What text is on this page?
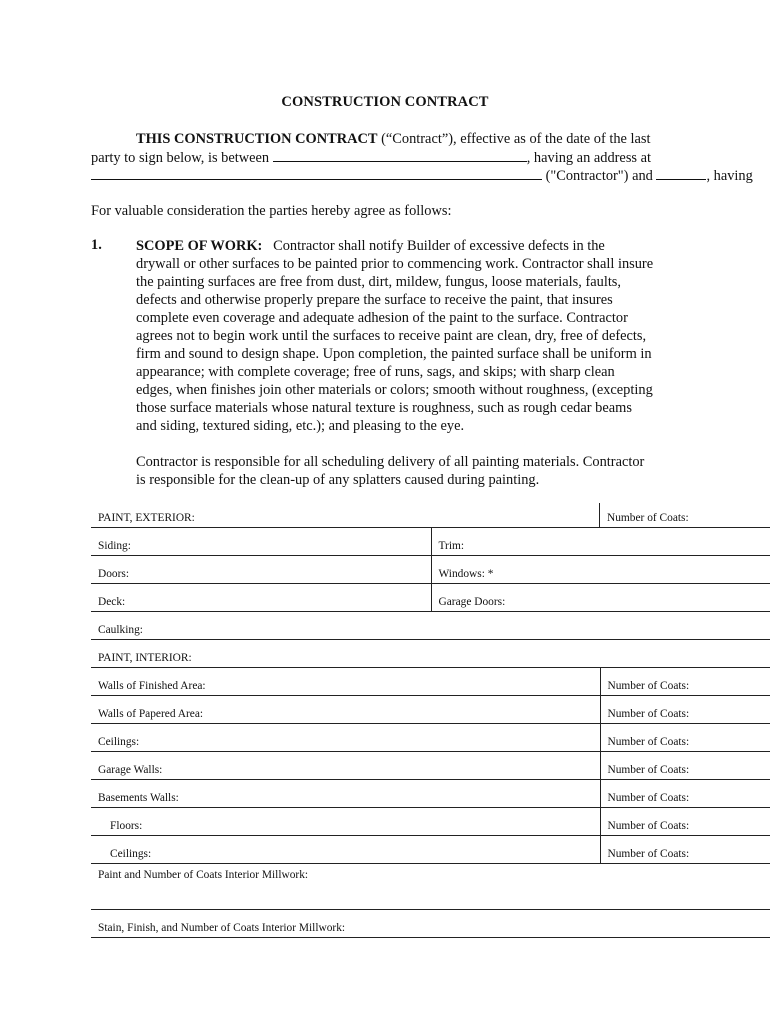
CONSTRUCTION CONTRACT
THIS CONSTRUCTION CONTRACT (“Contract”), effective as of the date of the last
party to sign below, is between	, having an address at
("Contractor") and	, having
For valuable consideration the parties hereby agree as follows:
1. SCOPE OF WORK: Contractor shall notify Builder of excessive defects in the
drywall or other surfaces to be painted prior to commencing work. Contractor shall insure
the painting surfaces are free from dust, dirt, mildew, fungus, loose materials, faults,
defects and otherwise properly prepare the surface to receive the paint, that insures
complete even coverage and adequate adhesion of the paint to the surface. Contractor
agrees not to begin work until the surfaces to receive paint are clean, dry, free of defects,
firm and sound to design shape. Upon completion, the painted surface shall be uniform in
appearance; with complete coverage; free of runs, sags, and skips; with sharp clean
edges, when finishes join other materials or colors; smooth without roughness, (excepting
those surface materials whose natural texture is roughness, such as rough cedar beams
and siding, textured siding, etc.); and pleasing to the eye.

Contractor is responsible for all scheduling delivery of all painting materials. Contractor
is responsible for the clean-up of any splatters caused during painting.

PAINT, EXTERIOR:		Number of Coats:
Siding:	Trim:	
Doors:	Windows: *	
Deck:	Garage Doors:	
Caulking:		
PAINT, INTERIOR:		
Walls of Finished Area:		Number of Coats:
Walls of Papered Area:		Number of Coats:
Ceilings:		Number of Coats:
Garage Walls:		Number of Coats:
Basements Walls:		Number of Coats:
Floors:		Number of Coats:
Ceilings:		Number of Coats:
Paint and Number of Coats Interior Millwork:		
Stain, Finish, and Number of Coats Interior Millwork:		
